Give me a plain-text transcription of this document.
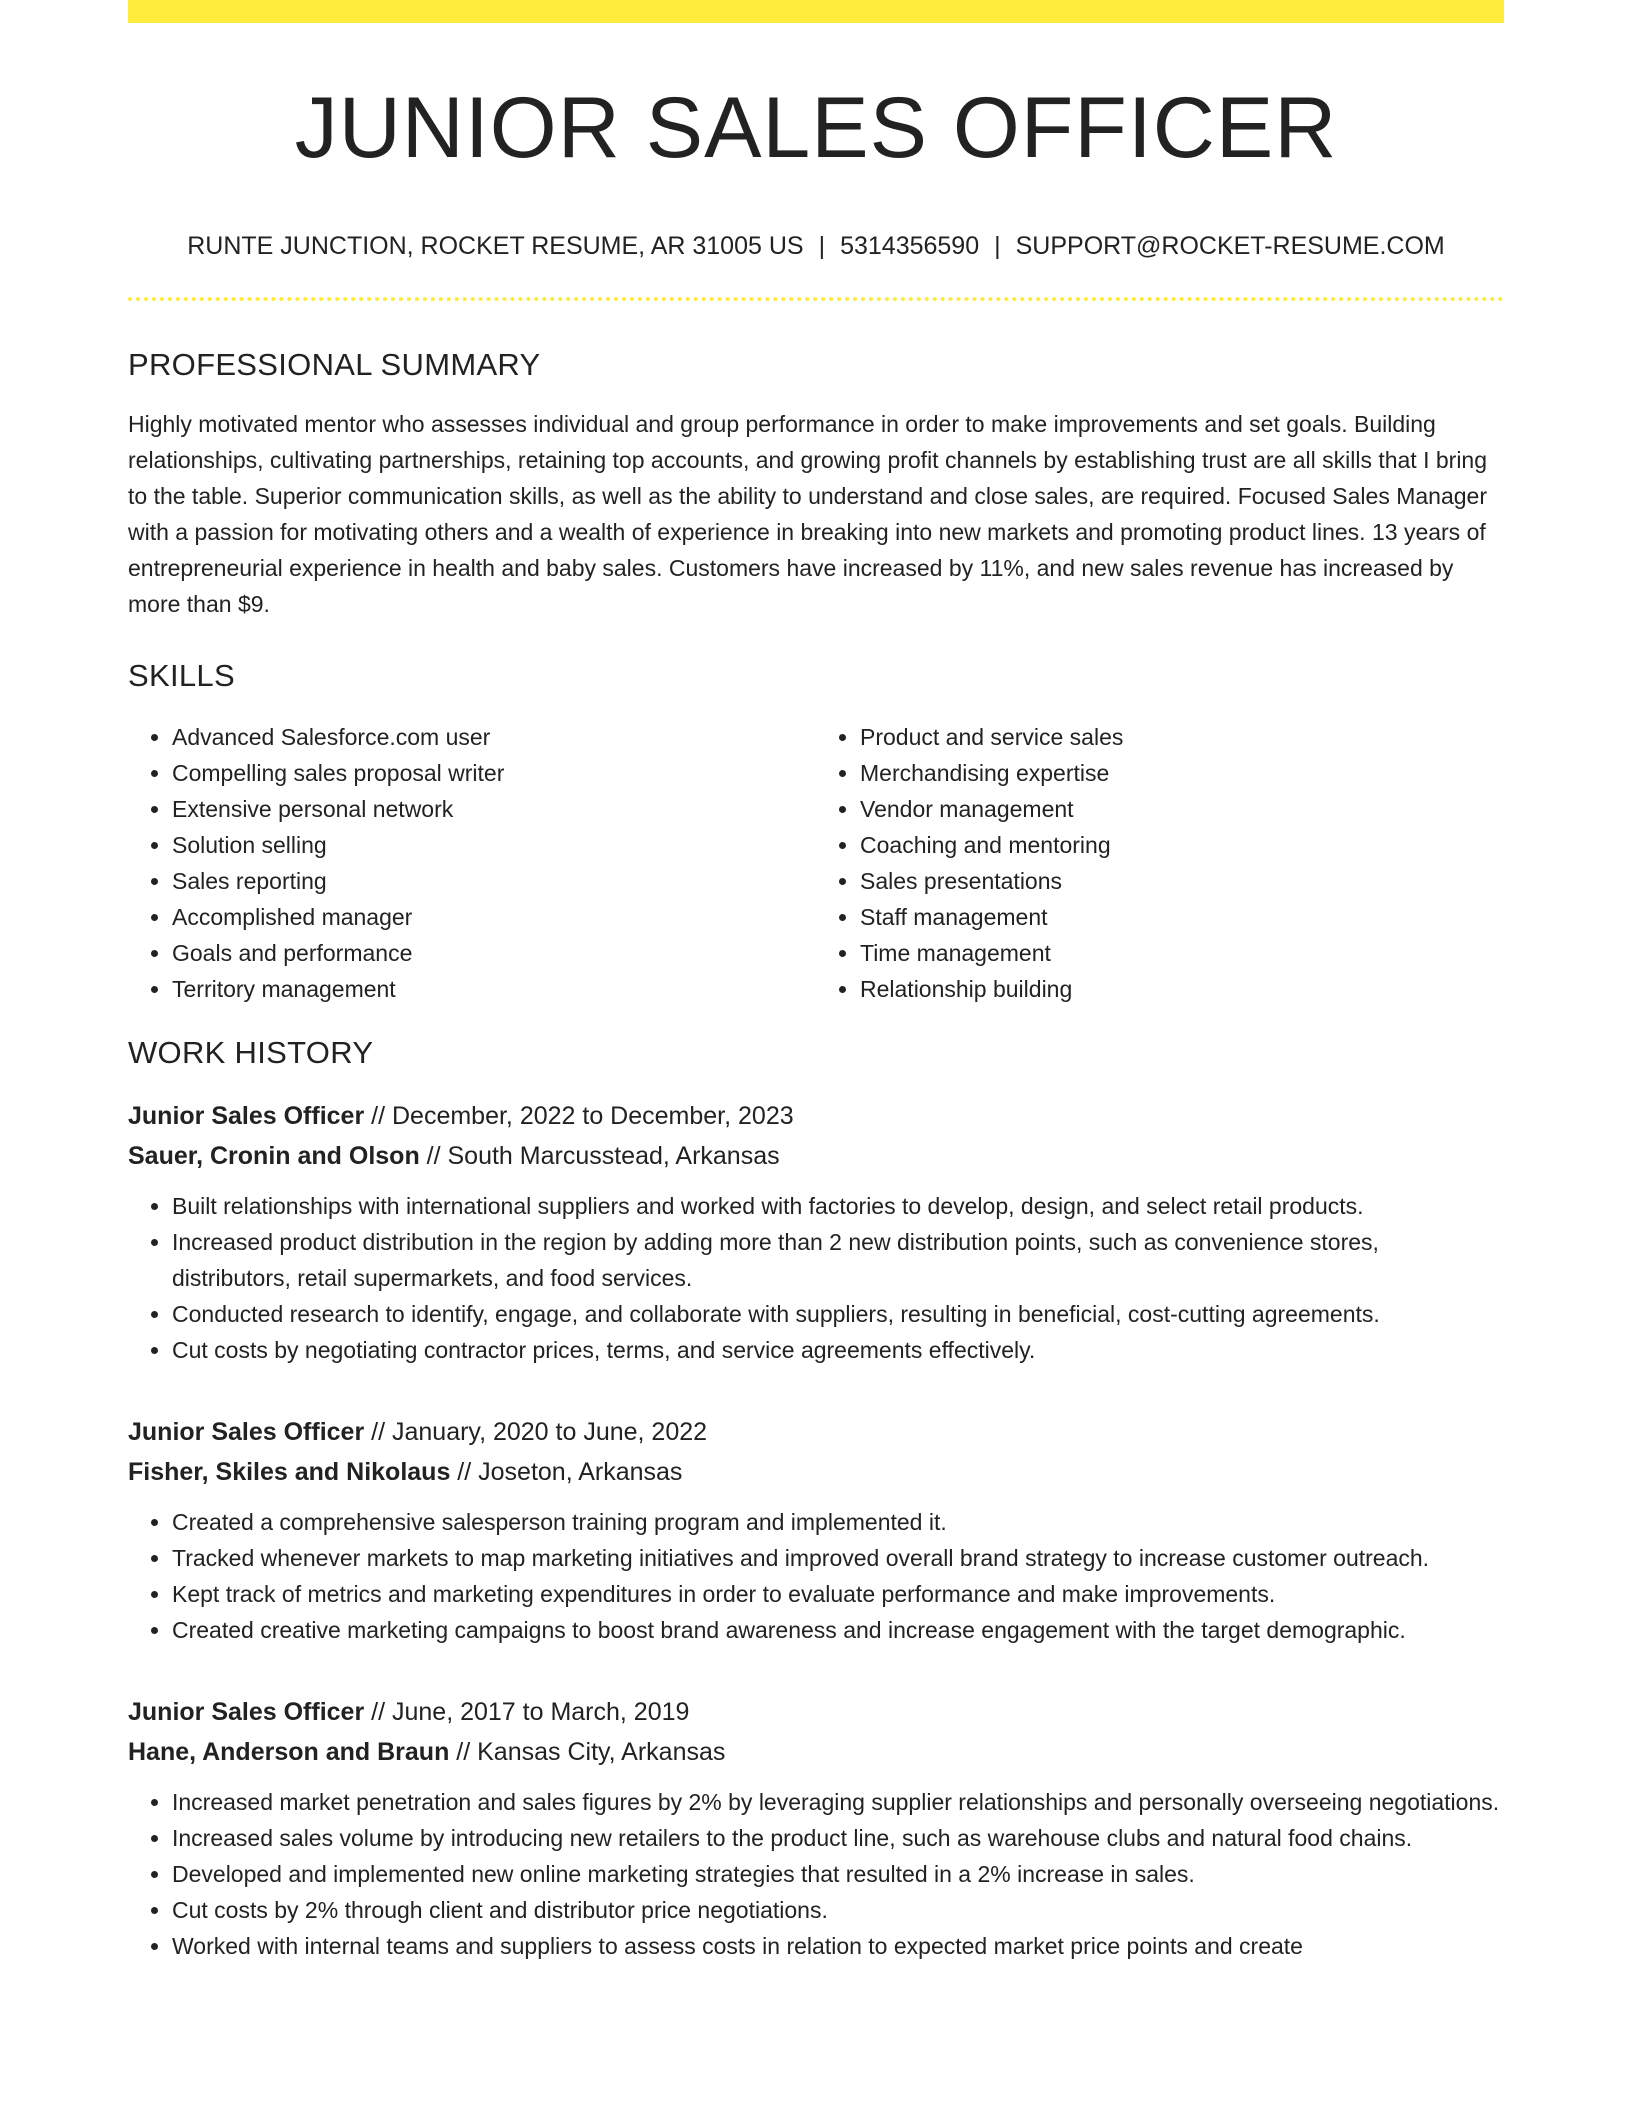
JUNIOR SALES OFFICER
RUNTE JUNCTION, ROCKET RESUME, AR 31005 US | 5314356590 | SUPPORT@ROCKET-RESUME.COM
PROFESSIONAL SUMMARY

Highly motivated mentor who assesses individual and group performance in order to make improvements and set goals. Building relationships, cultivating partnerships, retaining top accounts, and growing profit channels by establishing trust are all skills that I bring to the table. Superior communication skills, as well as the ability to understand and close sales, are required. Focused Sales Manager with a passion for motivating others and a wealth of experience in breaking into new markets and promoting product lines. 13 years of entrepreneurial experience in health and baby sales. Customers have increased by 11%, and new sales revenue has increased by more than $9.

SKILLS
• Advanced Salesforce.com user
• Compelling sales proposal writer
• Extensive personal network
• Solution selling
• Sales reporting
• Accomplished manager
• Goals and performance
• Territory management
• Product and service sales
• Merchandising expertise
• Vendor management
• Coaching and mentoring
• Sales presentations
• Staff management
• Time management
• Relationship building
WORK HISTORY
Junior Sales Officer // December, 2022 to December, 2023
Sauer, Cronin and Olson // South Marcusstead, Arkansas
• Built relationships with international suppliers and worked with factories to develop, design, and select retail products.
• Increased product distribution in the region by adding more than 2 new distribution points, such as convenience stores, distributors, retail supermarkets, and food services.
• Conducted research to identify, engage, and collaborate with suppliers, resulting in beneficial, cost-cutting agreements.
• Cut costs by negotiating contractor prices, terms, and service agreements effectively.
Junior Sales Officer // January, 2020 to June, 2022
Fisher, Skiles and Nikolaus // Joseton, Arkansas
• Created a comprehensive salesperson training program and implemented it.
• Tracked whenever markets to map marketing initiatives and improved overall brand strategy to increase customer outreach.
• Kept track of metrics and marketing expenditures in order to evaluate performance and make improvements.
• Created creative marketing campaigns to boost brand awareness and increase engagement with the target demographic.
Junior Sales Officer // June, 2017 to March, 2019
Hane, Anderson and Braun // Kansas City, Arkansas
• Increased market penetration and sales figures by 2% by leveraging supplier relationships and personally overseeing negotiations.
• Increased sales volume by introducing new retailers to the product line, such as warehouse clubs and natural food chains.
• Developed and implemented new online marketing strategies that resulted in a 2% increase in sales.
• Cut costs by 2% through client and distributor price negotiations.
• Worked with internal teams and suppliers to assess costs in relation to expected market price points and create
